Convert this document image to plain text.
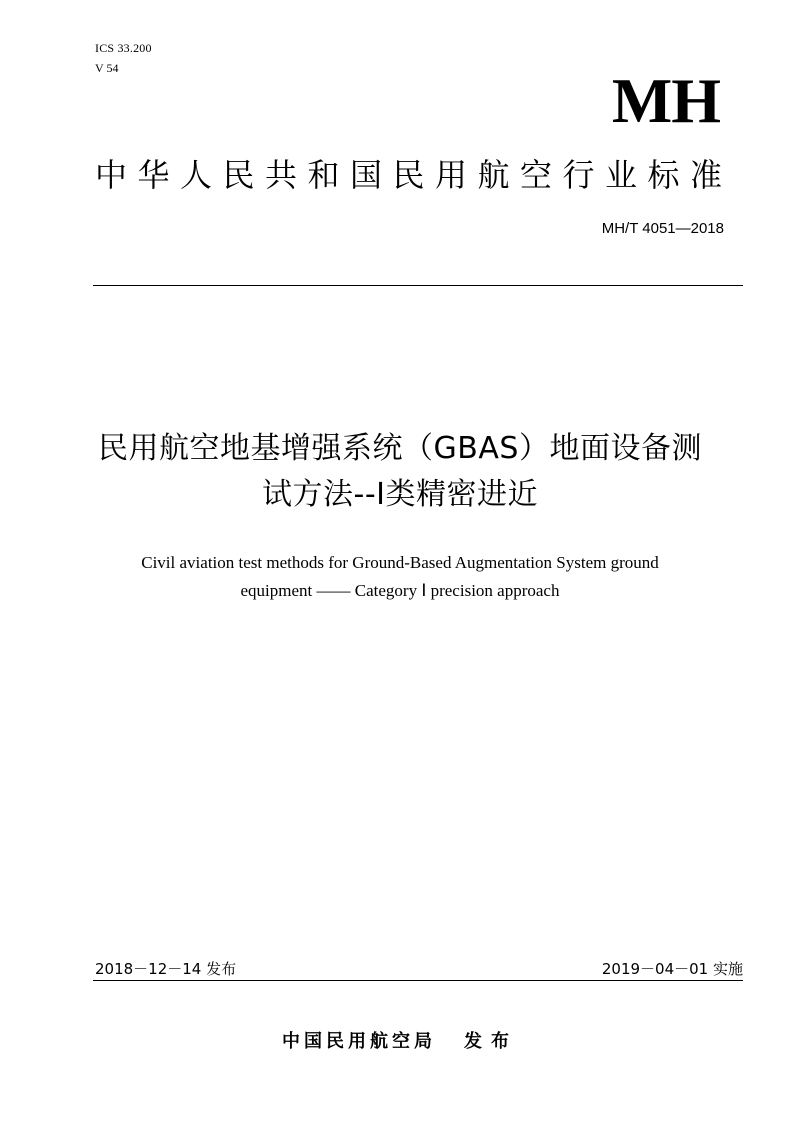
ICS 33.200
V 54	MH
中华人民共和国民用航空行业标准
MH/T 4051—2018
民用航空地基增强系统（GBAS）地面设备测
试方法--Ⅰ类精密进近
Civil aviation test methods for Ground-Based Augmentation System ground
equipment —— Category Ⅰ precision approach
2018－12－14 发布	2019－04－01 实施
中国民用航空局 发布
